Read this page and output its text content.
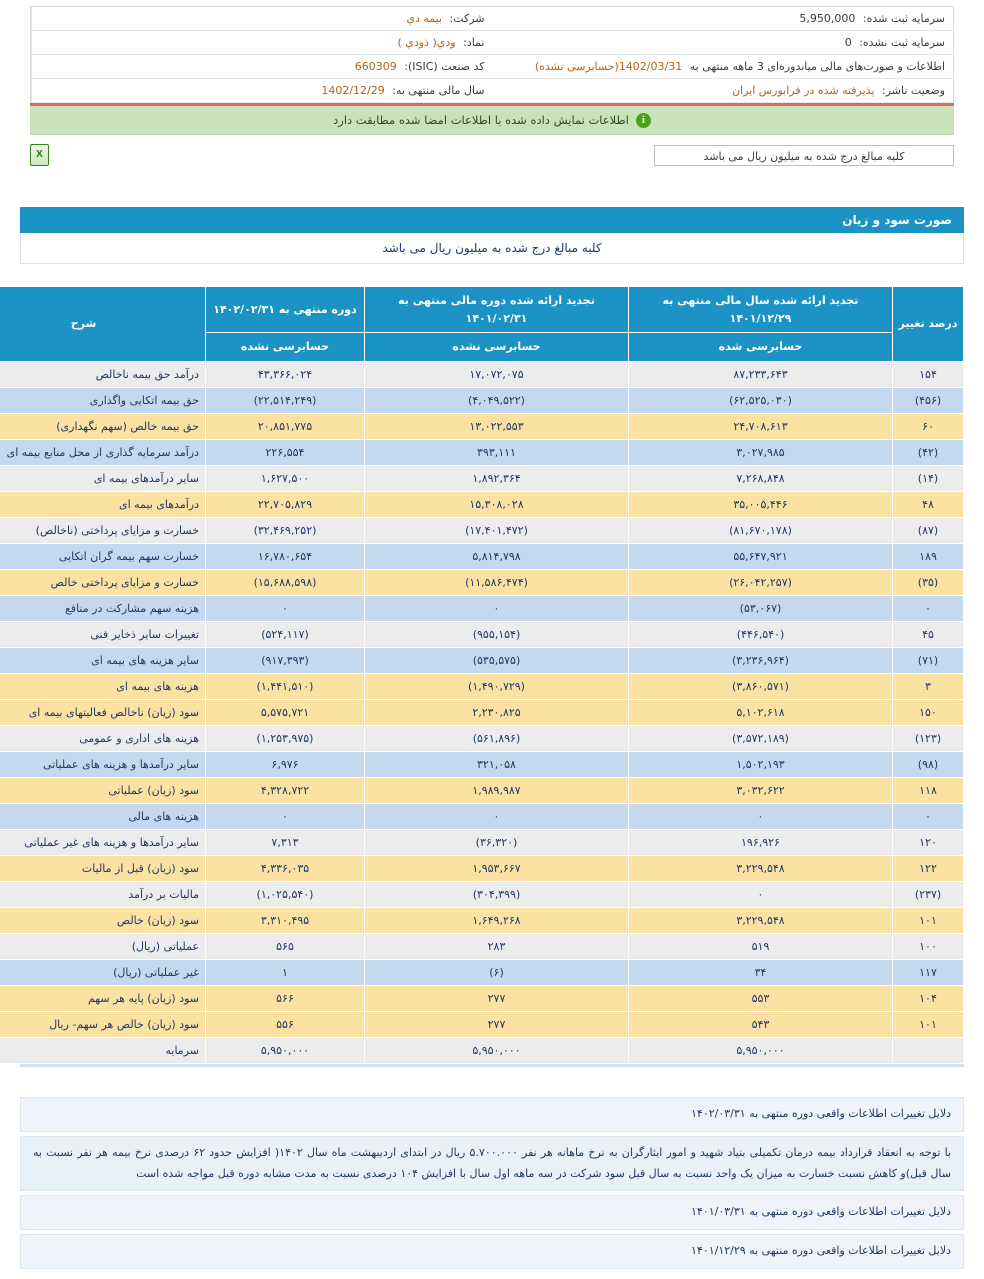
سرمایه ثبت شده: 5,950,000	شرکت: بیمه دي
سرمایه ثبت نشده: 0	نماد: ودي( ذودي )
اطلاعات و صورت‌های مالی میاندوره‌ای 3 ماهه منتهی به 1402/03/31(حسابرسی نشده)	کد صنعت (ISIC): 660309
وضعیت ناشر: پذیرفته شده در فرابورس ایران	سال مالی منتهی به: 1402/12/29
i
اطلاعات نمایش داده شده با اطلاعات امضا شده مطابقت دارد
کلیه مبالغ درج شده به میلیون ریال می باشد
X
صورت سود و زیان
کلیه مبالغ درج شده به میلیون ریال می باشد
درصد تغییر	تجدید ارائه شده سال مالی منتهی به ۱۴۰۱/۱۲/۲۹	تجدید ارائه شده دوره مالی منتهی به ۱۴۰۱/۰۲/۳۱	دوره منتهی به ۱۴۰۲/۰۲/۳۱	شرح
	حسابرسی شده	حسابرسی نشده	حسابرسی نشده	
۱۵۴	۸۷,۲۳۳,۶۴۳	۱۷,۰۷۲,۰۷۵	۴۳,۳۶۶,۰۲۴	درآمد حق بیمه ناخالص
(۴۵۶)	(۶۲,۵۲۵,۰۳۰)	(۴,۰۴۹,۵۲۲)	(۲۲,۵۱۴,۲۴۹)	حق بیمه اتکایی واگذاری
۶۰	۲۴,۷۰۸,۶۱۳	۱۳,۰۲۲,۵۵۳	۲۰,۸۵۱,۷۷۵	حق بیمه خالص (سهم نگهداری)
(۴۲)	۳,۰۲۷,۹۸۵	۳۹۳,۱۱۱	۲۲۶,۵۵۴	درآمد سرمایه گذاری از محل منابع بیمه ای
(۱۴)	۷,۲۶۸,۸۴۸	۱,۸۹۲,۳۶۴	۱,۶۲۷,۵۰۰	سایر درآمدهای بیمه ای
۴۸	۳۵,۰۰۵,۴۴۶	۱۵,۳۰۸,۰۲۸	۲۲,۷۰۵,۸۲۹	درآمدهای بیمه ای
(۸۷)	(۸۱,۶۷۰,۱۷۸)	(۱۷,۴۰۱,۴۷۲)	(۳۲,۴۶۹,۲۵۲)	خسارت و مزایای پرداختی (ناخالص)
۱۸۹	۵۵,۶۴۷,۹۲۱	۵,۸۱۴,۷۹۸	۱۶,۷۸۰,۶۵۴	خسارت سهم بیمه گران اتکایی
(۳۵)	(۲۶,۰۴۲,۲۵۷)	(۱۱,۵۸۶,۴۷۴)	(۱۵,۶۸۸,۵۹۸)	خسارت و مزایای پرداختی خالص
۰	(۵۳,۰۶۷)	۰	۰	هزینه سهم مشارکت در منافع
۴۵	(۴۴۶,۵۴۰)	(۹۵۵,۱۵۴)	(۵۲۴,۱۱۷)	تغییرات سایر ذخایر فنی
(۷۱)	(۳,۲۳۶,۹۶۴)	(۵۳۵,۵۷۵)	(۹۱۷,۳۹۳)	سایر هزینه های بیمه ای
۳	(۳,۸۶۰,۵۷۱)	(۱,۴۹۰,۷۲۹)	(۱,۴۴۱,۵۱۰)	هزینه های بیمه ای
۱۵۰	۵,۱۰۲,۶۱۸	۲,۲۳۰,۸۲۵	۵,۵۷۵,۷۲۱	سود (زیان) ناخالص فعالیتهای بیمه ای
(۱۲۳)	(۳,۵۷۲,۱۸۹)	(۵۶۱,۸۹۶)	(۱,۲۵۳,۹۷۵)	هزینه های اداری و عمومی
(۹۸)	۱,۵۰۲,۱۹۳	۳۲۱,۰۵۸	۶,۹۷۶	سایر درآمدها و هزینه های عملیاتی
۱۱۸	۳,۰۳۲,۶۲۲	۱,۹۸۹,۹۸۷	۴,۳۲۸,۷۲۲	سود (زیان) عملیاتی
۰	۰	۰	۰	هزینه های مالی
۱۲۰	۱۹۶,۹۲۶	(۳۶,۳۲۰)	۷,۳۱۳	سایر درآمدها و هزینه های غیر عملیاتی
۱۲۲	۳,۲۲۹,۵۴۸	۱,۹۵۳,۶۶۷	۴,۳۳۶,۰۳۵	سود (زیان) قبل از مالیات
(۲۳۷)	۰	(۳۰۴,۳۹۹)	(۱,۰۲۵,۵۴۰)	مالیات بر درآمد
۱۰۱	۳,۲۲۹,۵۴۸	۱,۶۴۹,۲۶۸	۳,۳۱۰,۴۹۵	سود (زیان) خالص
۱۰۰	۵۱۹	۲۸۳	۵۶۵	عملیاتی (ریال)
۱۱۷	۳۴	(۶)	۱	غیر عملیاتی (ریال)
۱۰۴	۵۵۳	۲۷۷	۵۶۶	سود (زیان) پایه هر سهم
۱۰۱	۵۴۳	۲۷۷	۵۵۶	سود (زیان) خالص هر سهم- ریال
	۵,۹۵۰,۰۰۰	۵,۹۵۰,۰۰۰	۵,۹۵۰,۰۰۰	سرمایه
دلایل تغییرات اطلاعات واقعی دوره منتهی به ۱۴۰۲/۰۳/۳۱
با توجه به انعقاد قرارداد بیمه درمان تکمیلی بنیاد شهید و امور ایثارگران به نرخ ماهانه هر نفر ۵.۷۰۰.۰۰۰ ریال در ابتدای اردیبهشت ماه سال ۱۴۰۲( افزایش حدود ۶۲ درصدی نرخ بیمه هر نفر نسبت به سال قبل)و کاهش نسبت خسارت به میزان یک واحد نسبت به سال قبل سود شرکت در سه ماهه اول سال با افزایش ۱۰۴ درصدی نسبت به مدت مشابه دوره قبل مواجه شده است
دلایل تغییرات اطلاعات واقعی دوره منتهی به ۱۴۰۱/۰۳/۳۱
دلایل تغییرات اطلاعات واقعی دوره منتهی به ۱۴۰۱/۱۲/۲۹
